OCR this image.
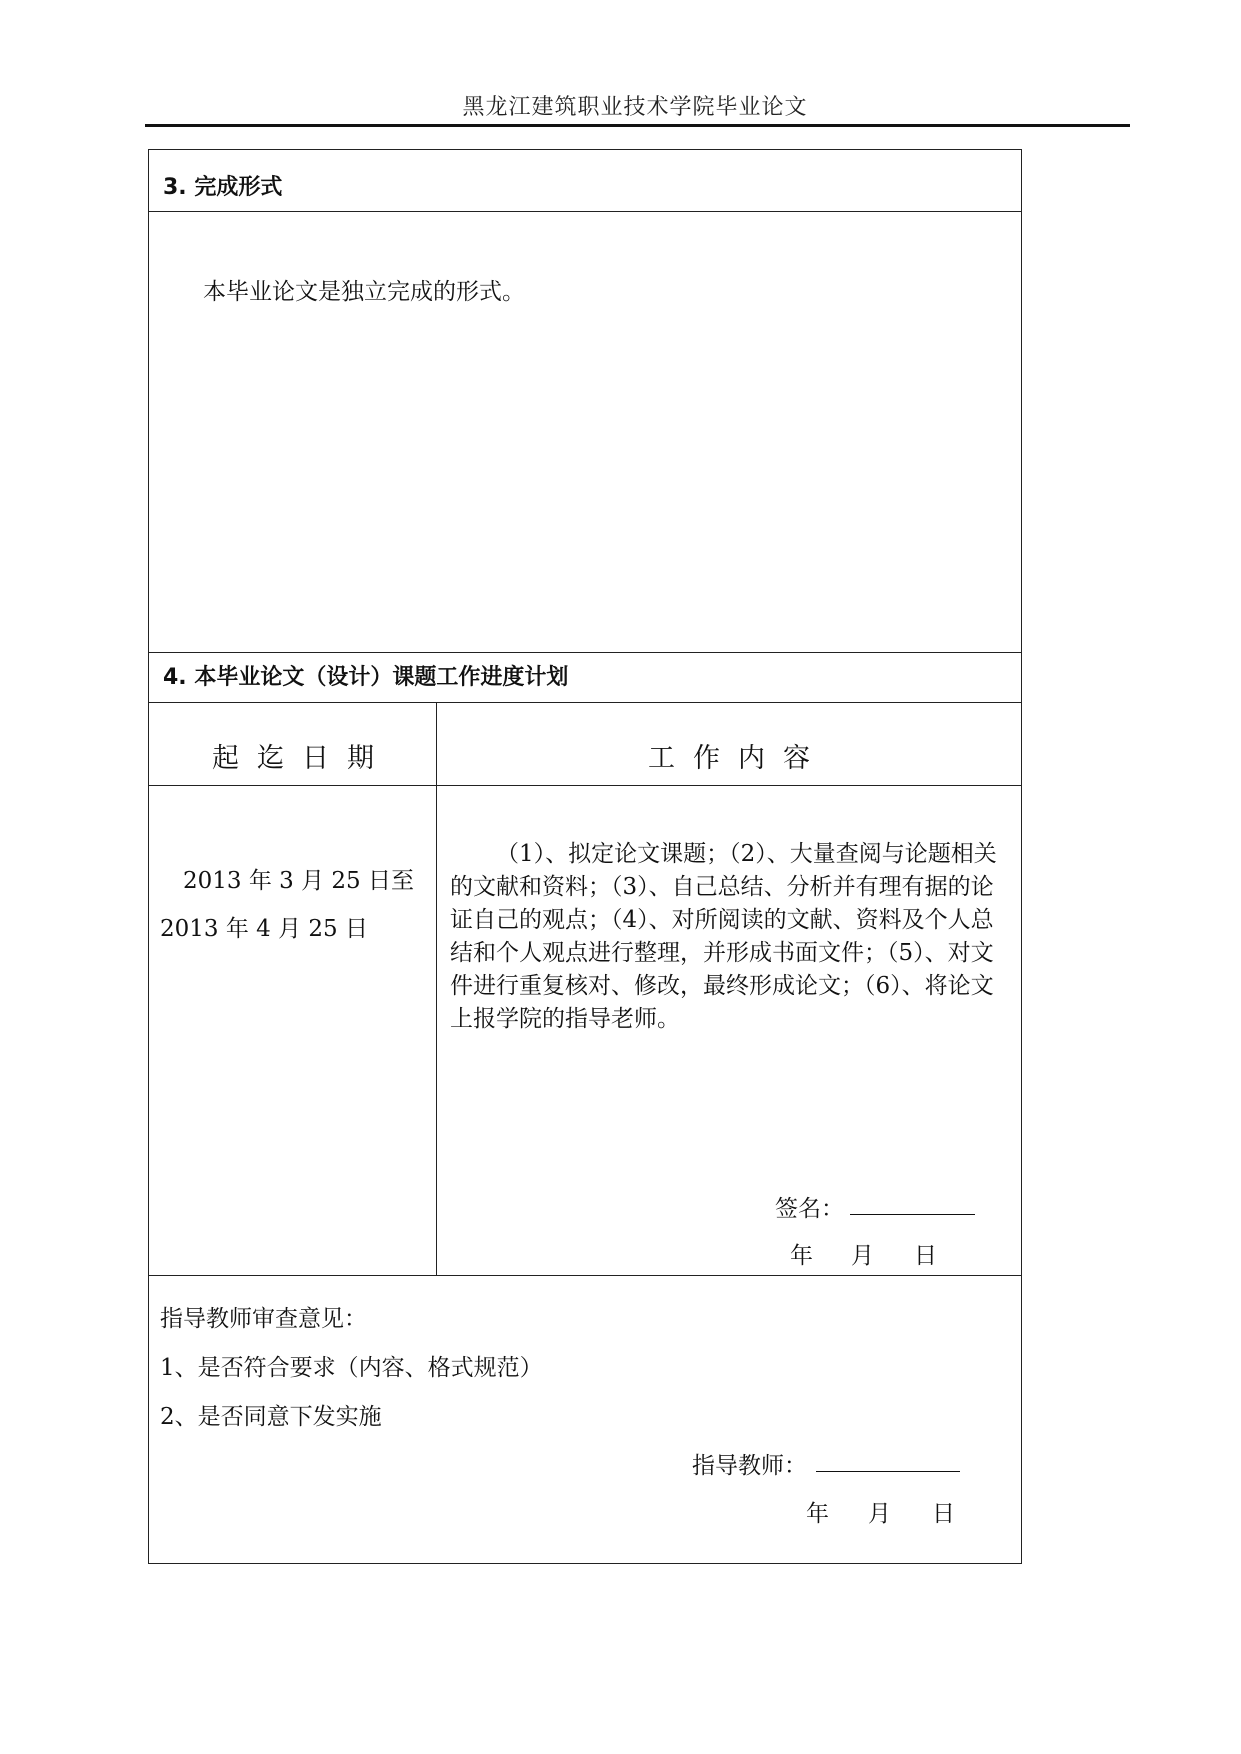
黑龙江建筑职业技术学院毕业论文
3. 完成形式
本毕业论文是独立完成的形式。
4. 本毕业论文（设计）课题工作进度计划
起迄日期	工作内容
2013 年 3 月 25 日至
2013 年 4 月 25 日
（1）、拟定论文课题；（2）、大量查阅与论题相关的文献和资料；（3）、自己总结、分析并有理有据的论证自己的观点；（4）、对所阅读的文献、资料及个人总结和个人观点进行整理，并形成书面文件；（5）、对文件进行重复核对、修改，最终形成论文；（6）、将论文上报学院的指导老师。
签名：
年 月 日
指导教师审查意见：
1、是否符合要求（内容、格式规范）
2、是否同意下发实施
指导教师：
年 月 日
